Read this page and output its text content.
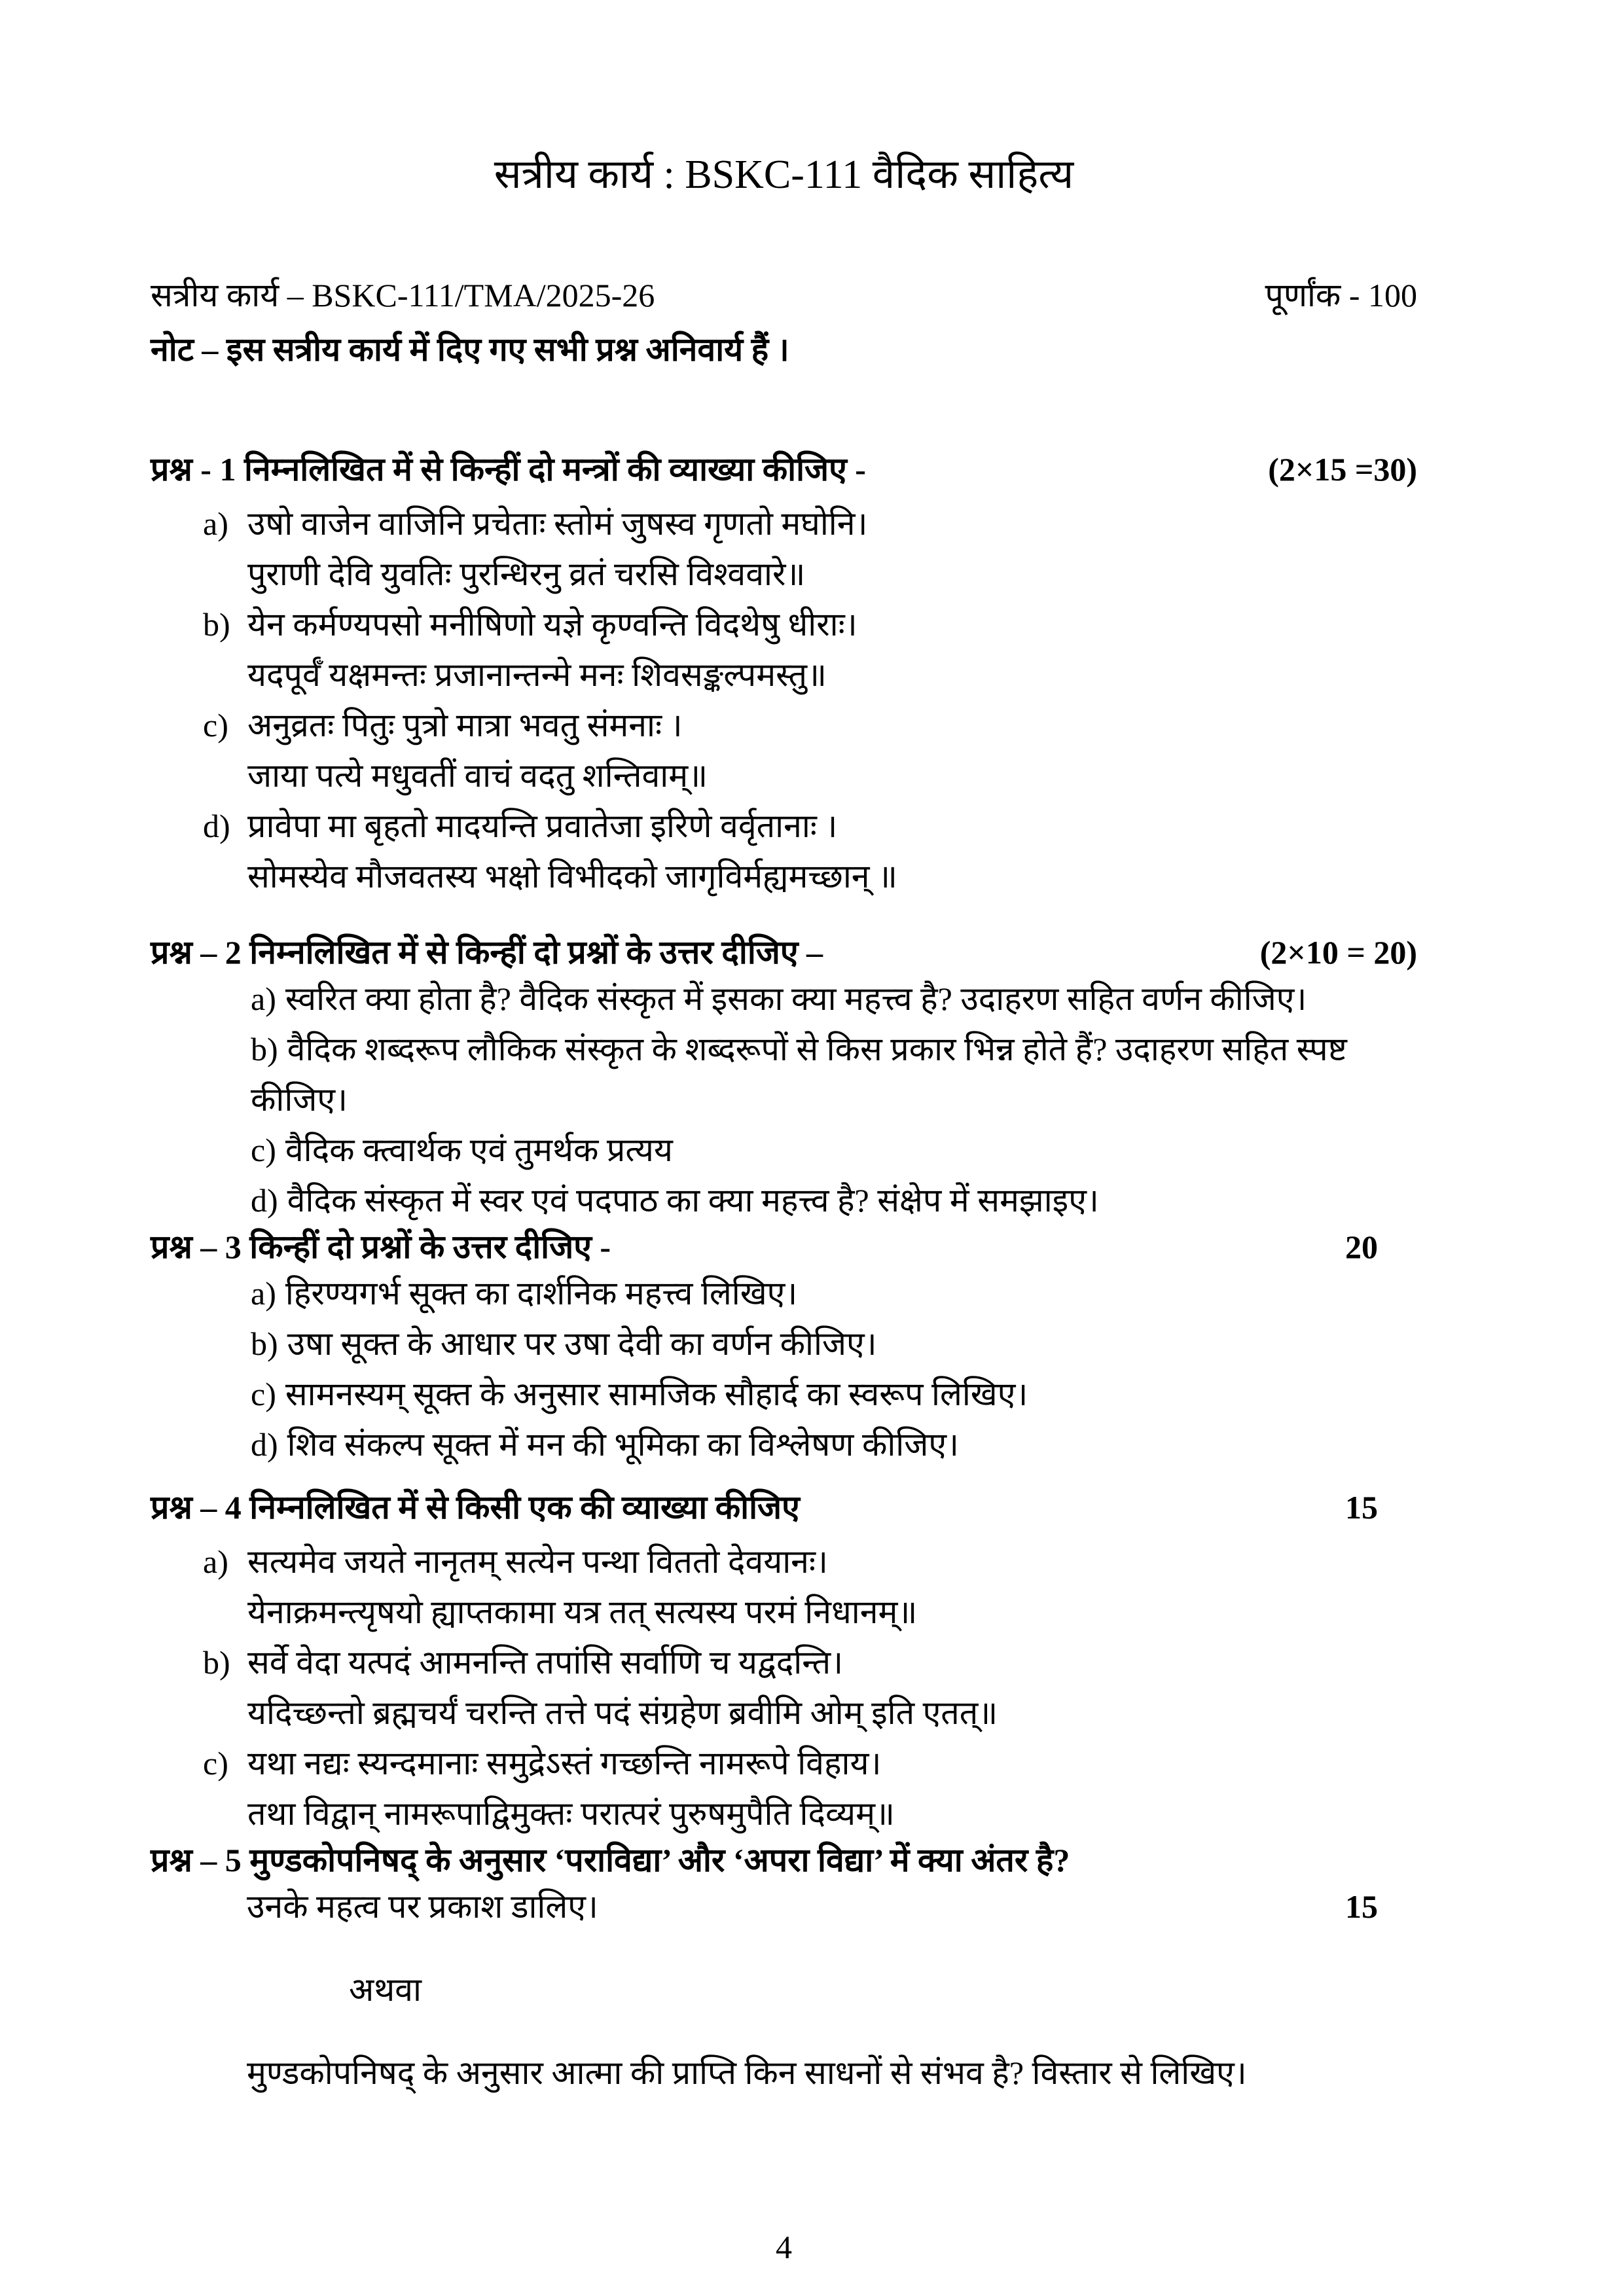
सत्रीय कार्य : BSKC-111 वैदिक साहित्य
सत्रीय कार्य – BSKC-111/TMA/2025-26	पूर्णांक - 100
नोट – इस सत्रीय कार्य में दिए गए सभी प्रश्न अनिवार्य हैं ।
प्रश्न - 1 निम्नलिखित में से किन्हीं दो मन्त्रों की व्याख्या कीजिए -	(2×15 =30)

a) उषो वाजेन वाजिनि प्रचेताः स्तोमं जुषस्व गृणतो मघोनि।

पुराणी देवि युवतिः पुरन्धिरनु व्रतं चरसि विश्ववारे॥

b) येन कर्मण्यपसो मनीषिणो यज्ञे कृण्वन्ति विदथेषु धीराः।

यदपूर्वँ यक्षमन्तः प्रजानान्तन्मे मनः शिवसङ्कल्पमस्तु॥

c) अनुव्रतः पितुः पुत्रो मात्रा भवतु संमनाः ।

जाया पत्ये मधुवतीं वाचं वदतु शन्तिवाम्॥

d) प्रावेपा मा बृहतो मादयन्ति प्रवातेजा इरिणे वर्वृतानाः ।

सोमस्येव मौजवतस्य भक्षो विभीदको जागृविर्मह्यमच्छान् ॥

प्रश्न – 2 निम्नलिखित में से किन्हीं दो प्रश्नों के उत्तर दीजिए –	(2×10 = 20)

a) स्वरित क्या होता है? वैदिक संस्कृत में इसका क्या महत्त्व है? उदाहरण सहित वर्णन कीजिए।

b) वैदिक शब्दरूप लौकिक संस्कृत के शब्दरूपों से किस प्रकार भिन्न होते हैं? उदाहरण सहित स्पष्ट कीजिए।

c) वैदिक क्त्वार्थक एवं तुमर्थक प्रत्यय

d) वैदिक संस्कृत में स्वर एवं पदपाठ का क्या महत्त्व है? संक्षेप में समझाइए।

प्रश्न – 3 किन्हीं दो प्रश्नों के उत्तर दीजिए -	20

a) हिरण्यगर्भ सूक्त का दार्शनिक महत्त्व लिखिए।

b) उषा सूक्त के आधार पर उषा देवी का वर्णन कीजिए।

c) सामनस्यम् सूक्त के अनुसार सामजिक सौहार्द का स्वरूप लिखिए।

d) शिव संकल्प सूक्त में मन की भूमिका का विश्लेषण कीजिए।

प्रश्न – 4 निम्नलिखित में से किसी एक की व्याख्या कीजिए	15

a) सत्यमेव जयते नानृतम् सत्येन पन्था विततो देवयानः।

येनाक्रमन्त्यृषयो ह्याप्तकामा यत्र तत् सत्यस्य परमं निधानम्॥

b) सर्वे वेदा यत्पदं आमनन्ति तपांसि सर्वाणि च यद्वदन्ति।

यदिच्छन्तो ब्रह्मचर्यं चरन्ति तत्ते पदं संग्रहेण ब्रवीमि ओम् इति एतत्॥

c) यथा नद्यः स्यन्दमानाः समुद्रेऽस्तं गच्छन्ति नामरूपे विहाय।

तथा विद्वान् नामरूपाद्विमुक्तः परात्परं पुरुषमुपैति दिव्यम्॥

प्रश्न – 5 मुण्डकोपनिषद् के अनुसार ‘पराविद्या’ और ‘अपरा विद्या’ में क्या अंतर है?
उनके महत्व पर प्रकाश डालिए।	15

अथवा

मुण्डकोपनिषद् के अनुसार आत्मा की प्राप्ति किन साधनों से संभव है? विस्तार से लिखिए।

4
